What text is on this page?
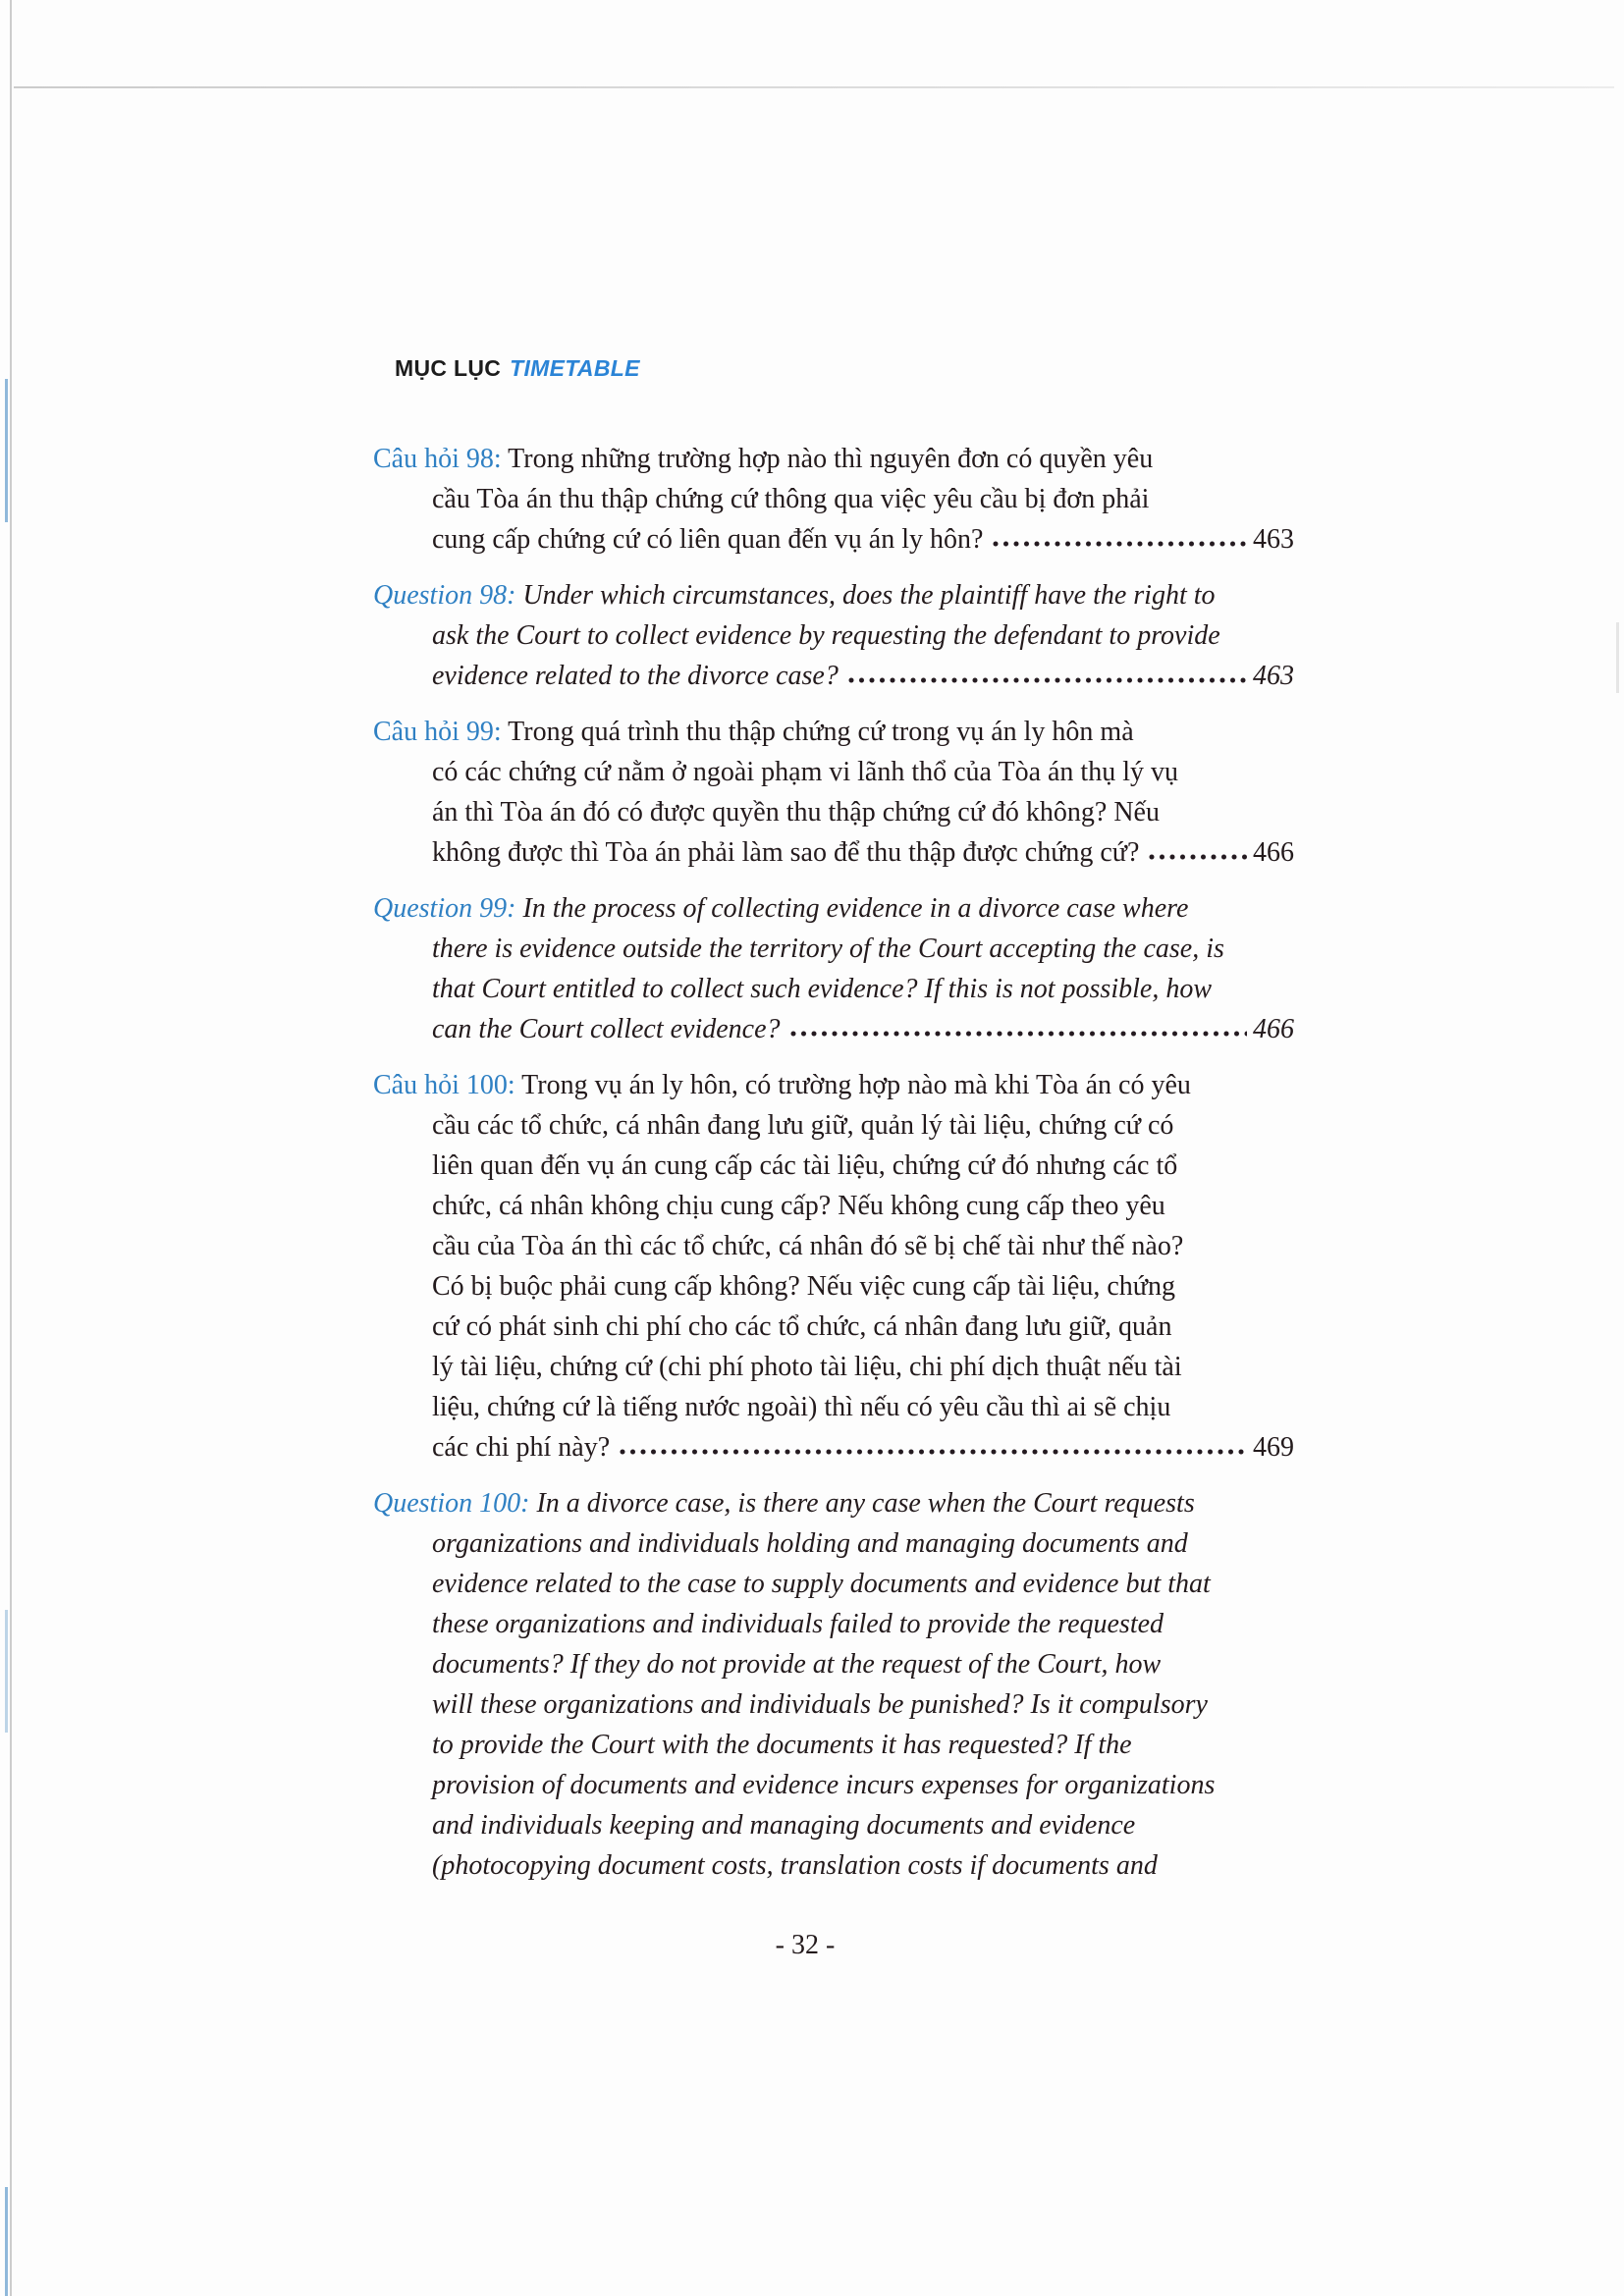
MỤC LỤC TIMETABLE
Câu hỏi 98: Trong những trường hợp nào thì nguyên đơn có quyền yêu
cầu Tòa án thu thập chứng cứ thông qua việc yêu cầu bị đơn phải
cung cấp chứng cứ có liên quan đến vụ án ly hôn?	463
Question 98: Under which circumstances, does the plaintiff have the right to
ask the Court to collect evidence by requesting the defendant to provide
evidence related to the divorce case?	463
Câu hỏi 99: Trong quá trình thu thập chứng cứ trong vụ án ly hôn mà
có các chứng cứ nằm ở ngoài phạm vi lãnh thổ của Tòa án thụ lý vụ
án thì Tòa án đó có được quyền thu thập chứng cứ đó không? Nếu
không được thì Tòa án phải làm sao để thu thập được chứng cứ?	466
Question 99: In the process of collecting evidence in a divorce case where
there is evidence outside the territory of the Court accepting the case, is
that Court entitled to collect such evidence? If this is not possible, how
can the Court collect evidence?	466
Câu hỏi 100: Trong vụ án ly hôn, có trường hợp nào mà khi Tòa án có yêu
cầu các tổ chức, cá nhân đang lưu giữ, quản lý tài liệu, chứng cứ có
liên quan đến vụ án cung cấp các tài liệu, chứng cứ đó nhưng các tổ
chức, cá nhân không chịu cung cấp? Nếu không cung cấp theo yêu
cầu của Tòa án thì các tổ chức, cá nhân đó sẽ bị chế tài như thế nào?
Có bị buộc phải cung cấp không? Nếu việc cung cấp tài liệu, chứng
cứ có phát sinh chi phí cho các tổ chức, cá nhân đang lưu giữ, quản
lý tài liệu, chứng cứ (chi phí photo tài liệu, chi phí dịch thuật nếu tài
liệu, chứng cứ là tiếng nước ngoài) thì nếu có yêu cầu thì ai sẽ chịu
các chi phí này?	469
Question 100: In a divorce case, is there any case when the Court requests
organizations and individuals holding and managing documents and
evidence related to the case to supply documents and evidence but that
these organizations and individuals failed to provide the requested
documents? If they do not provide at the request of the Court, how
will these organizations and individuals be punished? Is it compulsory
to provide the Court with the documents it has requested? If the
provision of documents and evidence incurs expenses for organizations
and individuals keeping and managing documents and evidence
(photocopying document costs, translation costs if documents and
- 32 -
